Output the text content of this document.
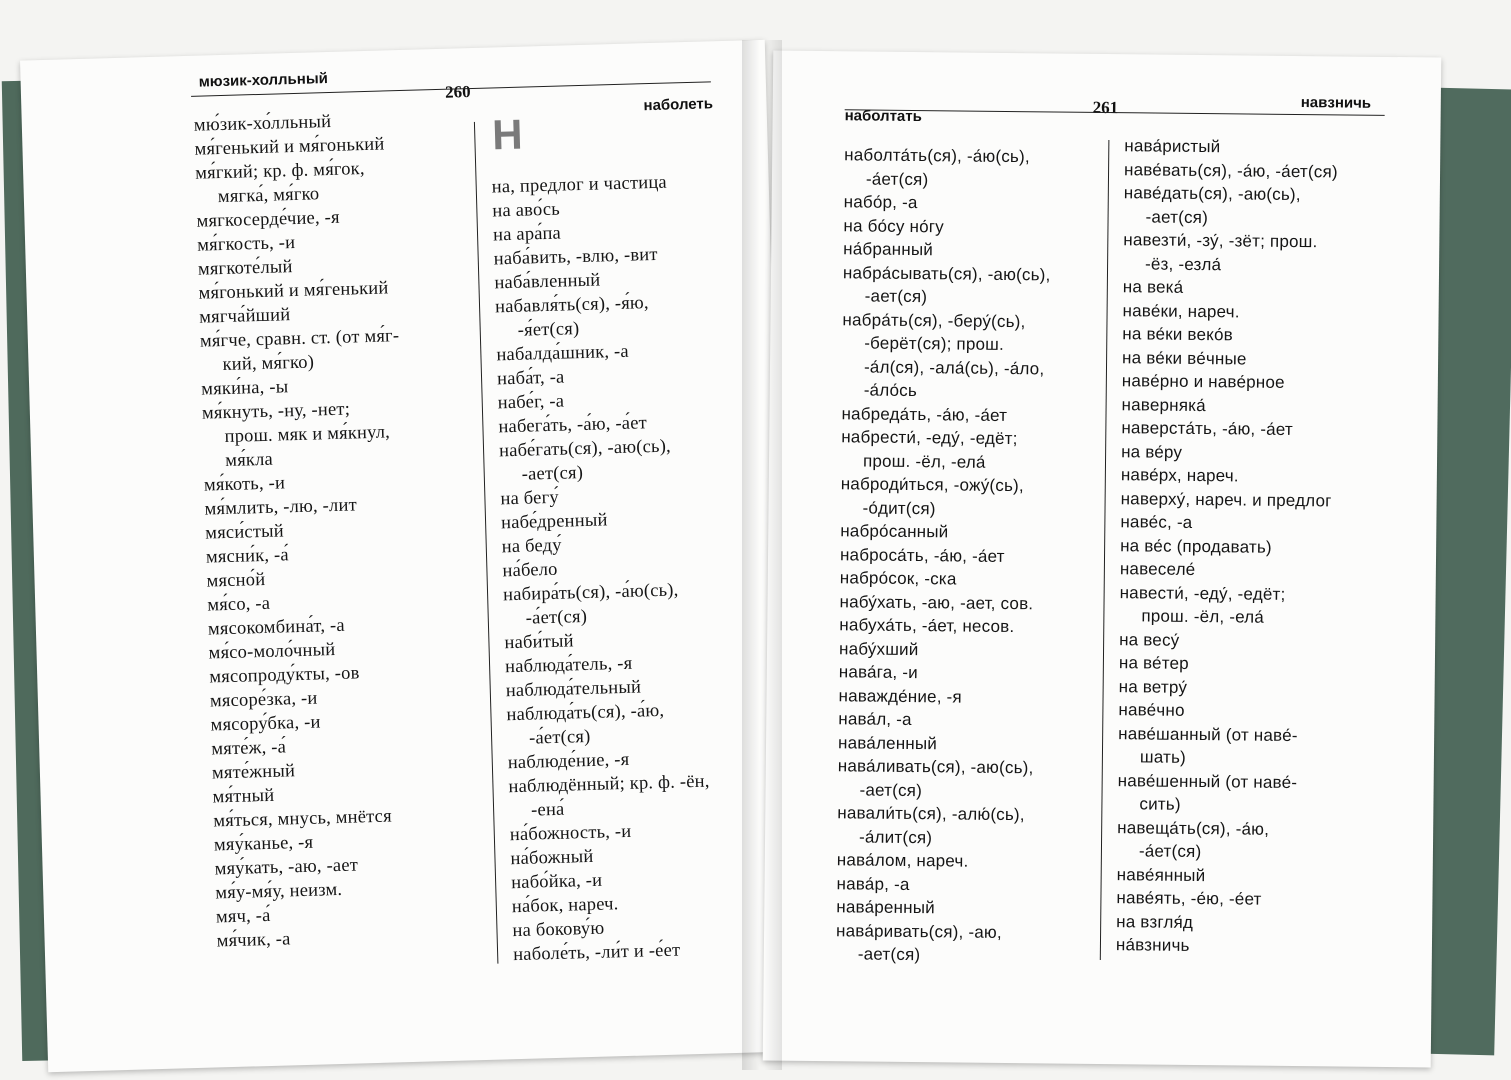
мюзик-холльный
260
наболеть
мю́зик-хо́лльный
мя́генький и мя́гонький
мя́гкий; кр. ф. мя́гок,
мягка́, мя́гко
мягкосерде́чие, -я
мя́гкость, -и
мягкоте́лый
мя́гонький и мя́генький
мягча́йший
мя́гче, сравн. ст. (от мя́г-
кий, мя́гко)
мяки́на, -ы
мя́кнуть, -ну, -нет;
прош. мяк и мя́кнул,
мя́кла
мя́коть, -и
мя́млить, -лю, -лит
мяси́стый
мясни́к, -а́
мясно́й
мя́со, -а
мясокомбина́т, -а
мя́со-моло́чный
мясопроду́кты, -ов
мясоре́зка, -и
мясору́бка, -и
мяте́ж, -а́
мяте́жный
мя́тный
мя́ться, мнусь, мнётся
мяу́канье, -я
мяу́кать, -аю, -ает
мя́у-мя́у, неизм.
мяч, -а́
мя́чик, -а
Н
на, предлог и частица
на аво́сь
на ара́па
наба́вить, -влю, -вит
наба́вленный
набавля́ть(ся), -я́ю,
-я́ет(ся)
набалда́шник, -а
наба́т, -а
набе́г, -а
набега́ть, -а́ю, -а́ет
набе́гать(ся), -аю(сь),
-ает(ся)
на бегу́
набе́дренный
на беду́
на́бело
набира́ть(ся), -а́ю(сь),
-а́ет(ся)
наби́тый
наблюда́тель, -я
наблюда́тельный
наблюда́ть(ся), -а́ю,
-а́ет(ся)
наблюде́ние, -я
наблюдённый; кр. ф. -ён,
-ена́
на́божность, -и
на́божный
набо́йка, -и
на́бок, нареч.
на бокову́ю
наболе́ть, -ли́т и -е́ет
наболтать	261	навзничь
наболта́ть(ся), -а́ю(сь),
-а́ет(ся)
набо́р, -а
на бо́су но́гу
на́бранный
набра́сывать(ся), -аю(сь),
-ает(ся)
набра́ть(ся), -беру́(сь),
-берёт(ся); прош.
-а́л(ся), -ала́(сь), -а́ло,
-а́ло́сь
набреда́ть, -а́ю, -а́ет
набрести́, -еду́, -едёт;
прош. -ёл, -ела́
наброди́ться, -ожу́(сь),
-о́дит(ся)
набро́санный
наброса́ть, -а́ю, -а́ет
набро́сок, -ска
набу́хать, -аю, -ает, сов.
набуха́ть, -а́ет, несов.
набу́хший
нава́га, -и
наважде́ние, -я
нава́л, -а
нава́ленный
нава́ливать(ся), -аю(сь),
-ает(ся)
навали́ть(ся), -алю́(сь),
-а́лит(ся)
нава́лом, нареч.
нава́р, -а
нава́ренный
нава́ривать(ся), -аю,
-ает(ся)
нава́ристый
наве́вать(ся), -а́ю, -а́ет(ся)
наве́дать(ся), -аю(сь),
-ает(ся)
навезти́, -зу́, -зёт; прош.
-ёз, -езла́
на века́
наве́ки, нареч.
на ве́ки веко́в
на ве́ки ве́чные
наве́рно и наве́рное
наверняка́
наверста́ть, -а́ю, -а́ет
на ве́ру
наве́рх, нареч.
наверху́, нареч. и предлог
наве́с, -а
на ве́с (продавать)
навеселе́
навести́, -еду́, -едёт;
прош. -ёл, -ела́
на весу́
на ве́тер
на ветру́
наве́чно
наве́шанный (от наве́-
шать)
наве́шенный (от наве́-
сить)
навеща́ть(ся), -а́ю,
-а́ет(ся)
наве́янный
наве́ять, -е́ю, -е́ет
на взгля́д
на́взничь
